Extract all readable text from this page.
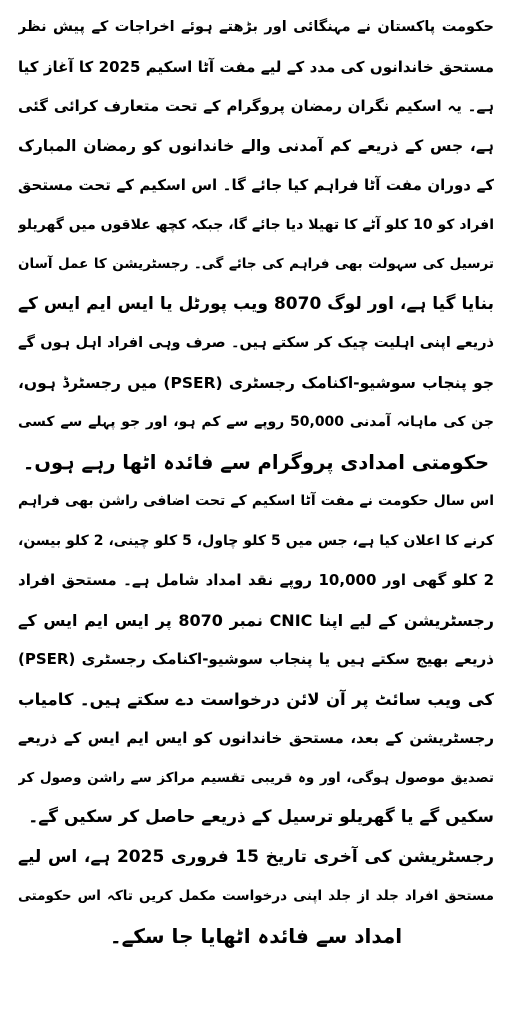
حکومت پاکستان نے مہنگائی اور بڑھتے ہوئے اخراجات کے پیش نظر
مستحق خاندانوں کی مدد کے لیے مفت آٹا اسکیم 2025 کا آغاز کیا
ہے۔ یہ اسکیم نگران رمضان پروگرام کے تحت متعارف کرائی گئی
ہے، جس کے ذریعے کم آمدنی والے خاندانوں کو رمضان المبارک
کے دوران مفت آٹا فراہم کیا جائے گا۔ اس اسکیم کے تحت مستحق
افراد کو 10 کلو آٹے کا تھیلا دیا جائے گا، جبکہ کچھ علاقوں میں گھریلو
ترسیل کی سہولت بھی فراہم کی جائے گی۔ رجسٹریشن کا عمل آسان
بنایا گیا ہے، اور لوگ 8070 ویب پورٹل یا ایس ایم ایس کے
ذریعے اپنی اہلیت چیک کر سکتے ہیں۔ صرف وہی افراد اہل ہوں گے
جو پنجاب سوشیو-اکنامک رجسٹری (PSER) میں رجسٹرڈ ہوں،
جن کی ماہانہ آمدنی 50,000 روپے سے کم ہو، اور جو پہلے سے کسی
حکومتی امدادی پروگرام سے فائدہ اٹھا رہے ہوں۔
اس سال حکومت نے مفت آٹا اسکیم کے تحت اضافی راشن بھی فراہم
کرنے کا اعلان کیا ہے، جس میں 5 کلو چاول، 5 کلو چینی، 2 کلو بیسن،
2 کلو گھی اور 10,000 روپے نقد امداد شامل ہے۔ مستحق افراد
رجسٹریشن کے لیے اپنا CNIC نمبر 8070 پر ایس ایم ایس کے
ذریعے بھیج سکتے ہیں یا پنجاب سوشیو-اکنامک رجسٹری (PSER)
کی ویب سائٹ پر آن لائن درخواست دے سکتے ہیں۔ کامیاب
رجسٹریشن کے بعد، مستحق خاندانوں کو ایس ایم ایس کے ذریعے
تصدیق موصول ہوگی، اور وہ قریبی تقسیم مراکز سے راشن وصول کر
سکیں گے یا گھریلو ترسیل کے ذریعے حاصل کر سکیں گے۔
رجسٹریشن کی آخری تاریخ 15 فروری 2025 ہے، اس لیے
مستحق افراد جلد از جلد اپنی درخواست مکمل کریں تاکہ اس حکومتی
امداد سے فائدہ اٹھایا جا سکے۔
